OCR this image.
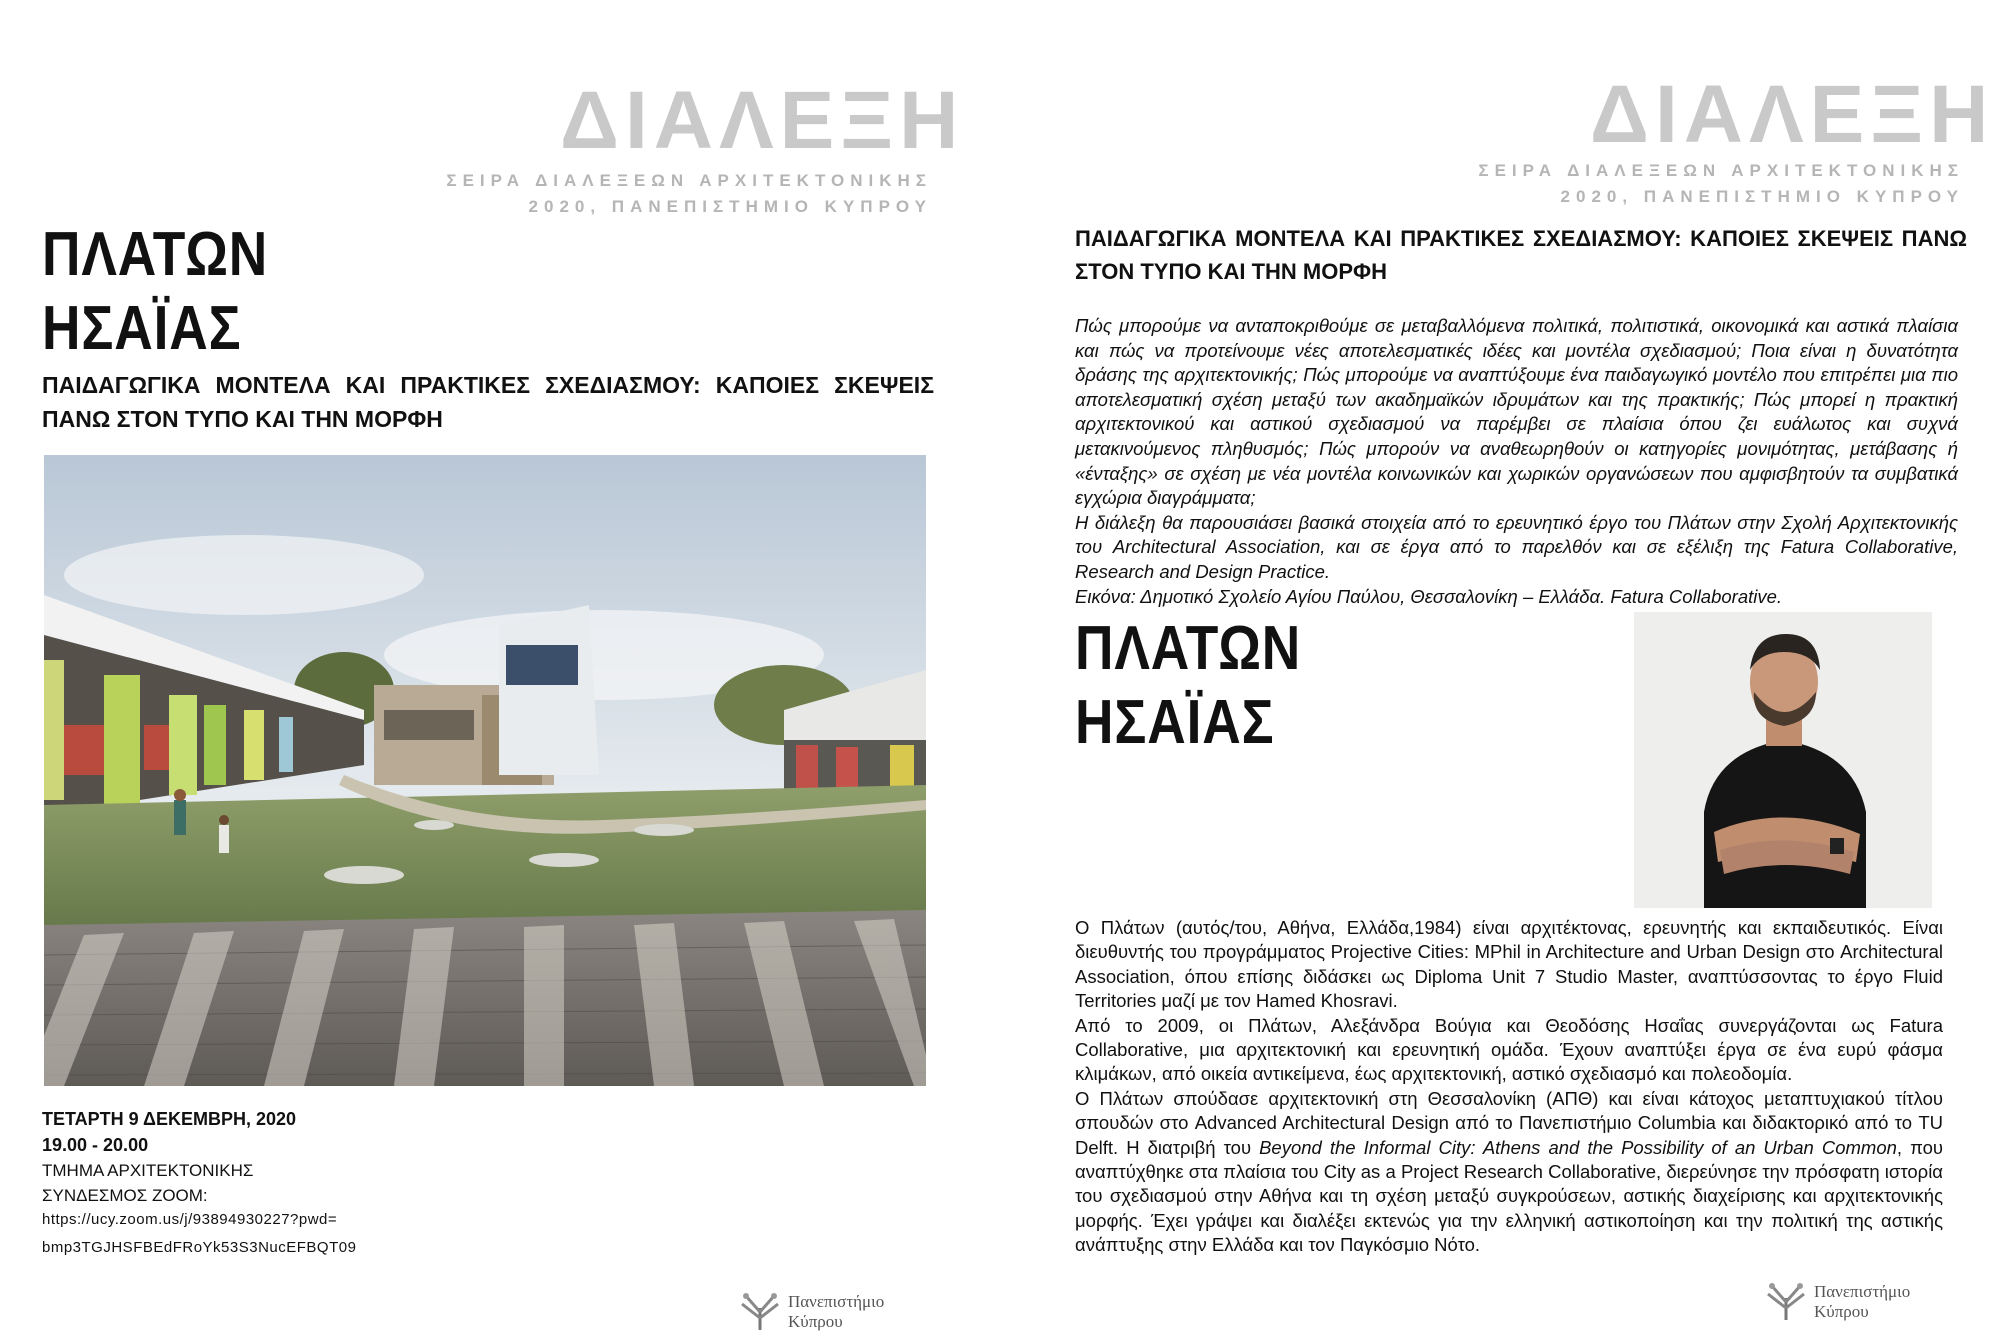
ΔΙΑΛΕΞΗ
ΣΕΙΡΑ ΔΙΑΛΕΞΕΩΝ ΑΡΧΙΤΕΚΤΟΝΙΚΗΣ
2020, ΠΑΝΕΠΙΣΤΗΜΙΟ ΚΥΠΡΟΥ
ΠΛΑΤΩΝ
ΗΣΑΪΑΣ
ΠΑΙΔΑΓΩΓΙΚΑ ΜΟΝΤΕΛΑ ΚΑΙ ΠΡΑΚΤΙΚΕΣ ΣΧΕΔΙΑΣΜΟΥ: ΚΑΠΟΙΕΣ ΣΚΕΨΕΙΣ ΠΑΝΩ ΣΤΟΝ ΤΥΠΟ ΚΑΙ ΤΗΝ ΜΟΡΦΗ
ΤΕΤΑΡΤΗ 9 ΔΕΚΕΜΒΡΗ, 2020
19.00 - 20.00
ΤΜΗΜΑ ΑΡΧΙΤΕΚΤΟΝΙΚΗΣ
ΣΥΝΔΕΣΜΟΣ ZOOM:
https://ucy.zoom.us/j/93894930227?pwd=
bmp3TGJHSFBEdFRoYk53S3NucEFBQT09
Πανεπιστήμιο
Κύπρου
ΔΙΑΛΕΞΗ
ΣΕΙΡΑ ΔΙΑΛΕΞΕΩΝ ΑΡΧΙΤΕΚΤΟΝΙΚΗΣ
2020, ΠΑΝΕΠΙΣΤΗΜΙΟ ΚΥΠΡΟΥ
ΠΑΙΔΑΓΩΓΙΚΑ ΜΟΝΤΕΛΑ ΚΑΙ ΠΡΑΚΤΙΚΕΣ ΣΧΕΔΙΑΣΜΟΥ: ΚΑΠΟΙΕΣ ΣΚΕΨΕΙΣ ΠΑΝΩ ΣΤΟΝ ΤΥΠΟ ΚΑΙ ΤΗΝ ΜΟΡΦΗ

Πώς μπορούμε να ανταποκριθούμε σε μεταβαλλόμενα πολιτικά, πολιτιστικά, οικονομικά και αστικά πλαίσια και πώς να προτείνουμε νέες αποτελεσματικές ιδέες και μοντέλα σχεδιασμού; Ποια είναι η δυνατότητα δράσης της αρχιτεκτονικής; Πώς μπορούμε να αναπτύξουμε ένα παιδαγωγικό μοντέλο που επιτρέπει μια πιο αποτελεσματική σχέση μεταξύ των ακαδημαϊκών ιδρυμάτων και της πρακτικής; Πώς μπορεί η πρακτική αρχιτεκτονικού και αστικού σχεδιασμού να παρέμβει σε πλαίσια όπου ζει ευάλωτος και συχνά μετακινούμενος πληθυσμός; Πώς μπορούν να αναθεωρηθούν οι κατηγορίες μονιμότητας, μετάβασης ή «ένταξης» σε σχέση με νέα μοντέλα κοινωνικών και χωρικών οργανώσεων που αμφισβητούν τα συμβατικά εγχώρια διαγράμματα;

Η διάλεξη θα παρουσιάσει βασικά στοιχεία από το ερευνητικό έργο του Πλάτων στην Σχολή Αρχιτεκτονικής του Architectural Association, και σε έργα από το παρελθόν και σε εξέλιξη της Fatura Collaborative, Research and Design Practice.

Εικόνα: Δημοτικό Σχολείο Αγίου Παύλου, Θεσσαλονίκη – Ελλάδα. Fatura Collaborative.

ΠΛΑΤΩΝ
ΗΣΑΪΑΣ

Ο Πλάτων (αυτός/του, Αθήνα, Ελλάδα,1984) είναι αρχιτέκτονας, ερευνητής και εκπαιδευτικός. Είναι διευθυντής του προγράμματος Projective Cities: MPhil in Architecture and Urban Design στο Architectural Association, όπου επίσης διδάσκει ως Diploma Unit 7 Studio Master, αναπτύσσοντας το έργο Fluid Territories μαζί με τον Hamed Khosravi.

Από το 2009, οι Πλάτων, Αλεξάνδρα Βούγια και Θεοδόσης Ησαΐας συνεργάζονται ως Fatura Collaborative, μια αρχιτεκτονική και ερευνητική ομάδα. Έχουν αναπτύξει έργα σε ένα ευρύ φάσμα κλιμάκων, από οικεία αντικείμενα, έως αρχιτεκτονική, αστικό σχεδιασμό και πολεοδομία.

Ο Πλάτων σπούδασε αρχιτεκτονική στη Θεσσαλονίκη (ΑΠΘ) και είναι κάτοχος μεταπτυχιακού τίτλου σπουδών στο Advanced Architectural Design από το Πανεπιστήμιο Columbia και διδακτορικό από το TU Delft. Η διατριβή του Beyond the Informal City: Athens and the Possibility of an Urban Common, που αναπτύχθηκε στα πλαίσια του City as a Project Research Collaborative, διερεύνησε την πρόσφατη ιστορία του σχεδιασμού στην Αθήνα και τη σχέση μεταξύ συγκρούσεων, αστικής διαχείρισης και αρχιτεκτονικής μορφής. Έχει γράψει και διαλέξει εκτενώς για την ελληνική αστικοποίηση και την πολιτική της αστικής ανάπτυξης στην Ελλάδα και τον Παγκόσμιο Νότο.

Πανεπιστήμιο
Κύπρου
